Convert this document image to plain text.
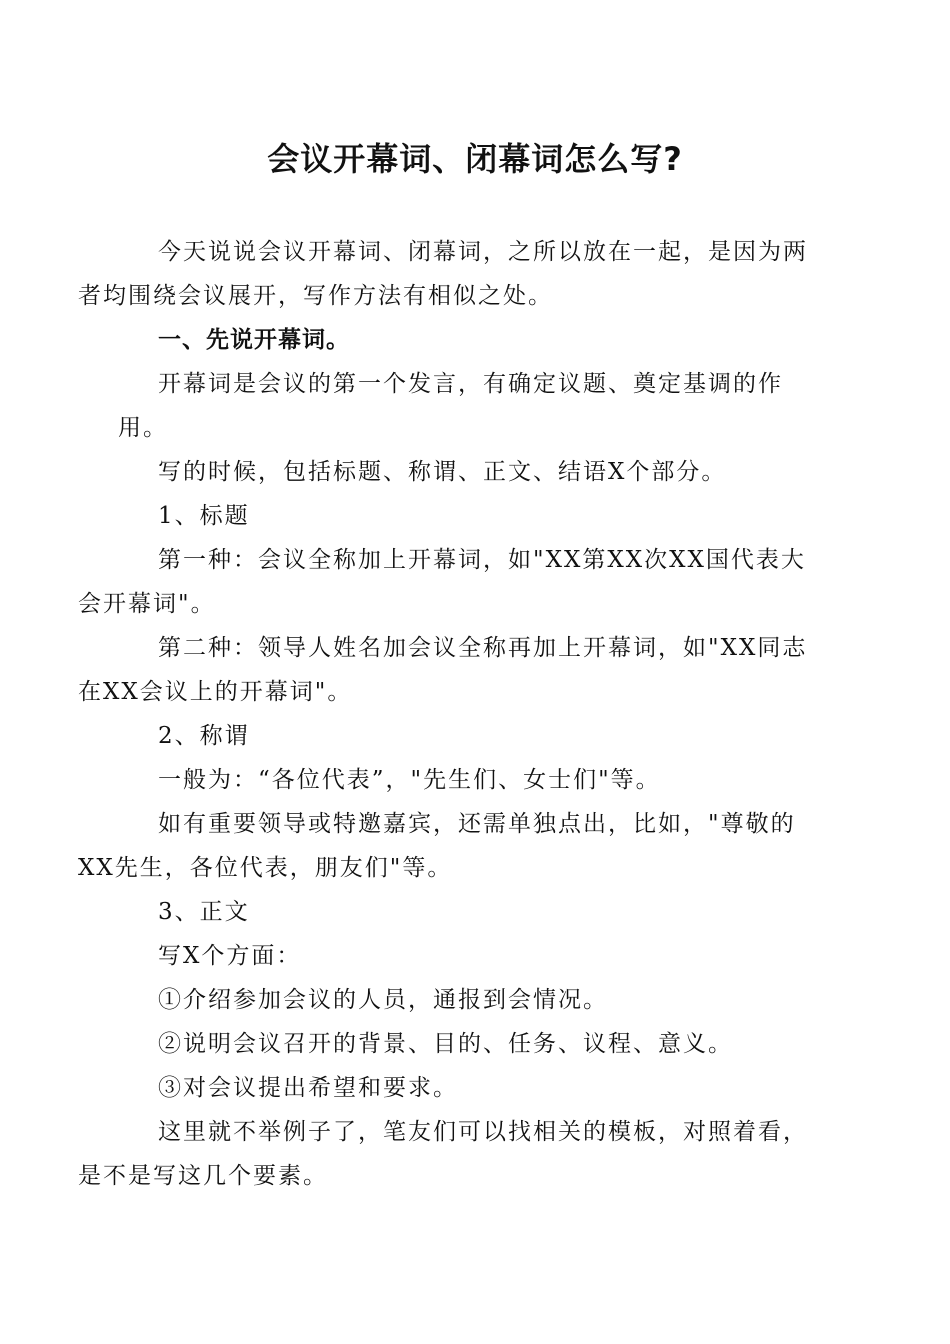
会议开幕词、闭幕词怎么写?

今天说说会议开幕词、闭幕词，之所以放在一起，是因为两
者均围绕会议展开，写作方法有相似之处。

一、先说开幕词。

开幕词是会议的第一个发言，有确定议题、奠定基调的作用。

写的时候，包括标题、称谓、正文、结语X个部分。

1、标题

第一种：会议全称加上开幕词，如"XX第XX次XX国代表大
会开幕词"。

第二种：领导人姓名加会议全称再加上开幕词，如"XX同志
在XX会议上的开幕词"。

2、称谓

一般为：“各位代表”，"先生们、女士们"等。

如有重要领导或特邀嘉宾，还需单独点出，比如，"尊敬的
XX先生，各位代表，朋友们"等。

3、正文

写X个方面：

①介绍参加会议的人员，通报到会情况。

②说明会议召开的背景、目的、任务、议程、意义。

③对会议提出希望和要求。

这里就不举例子了，笔友们可以找相关的模板，对照着看，
是不是写这几个要素。
